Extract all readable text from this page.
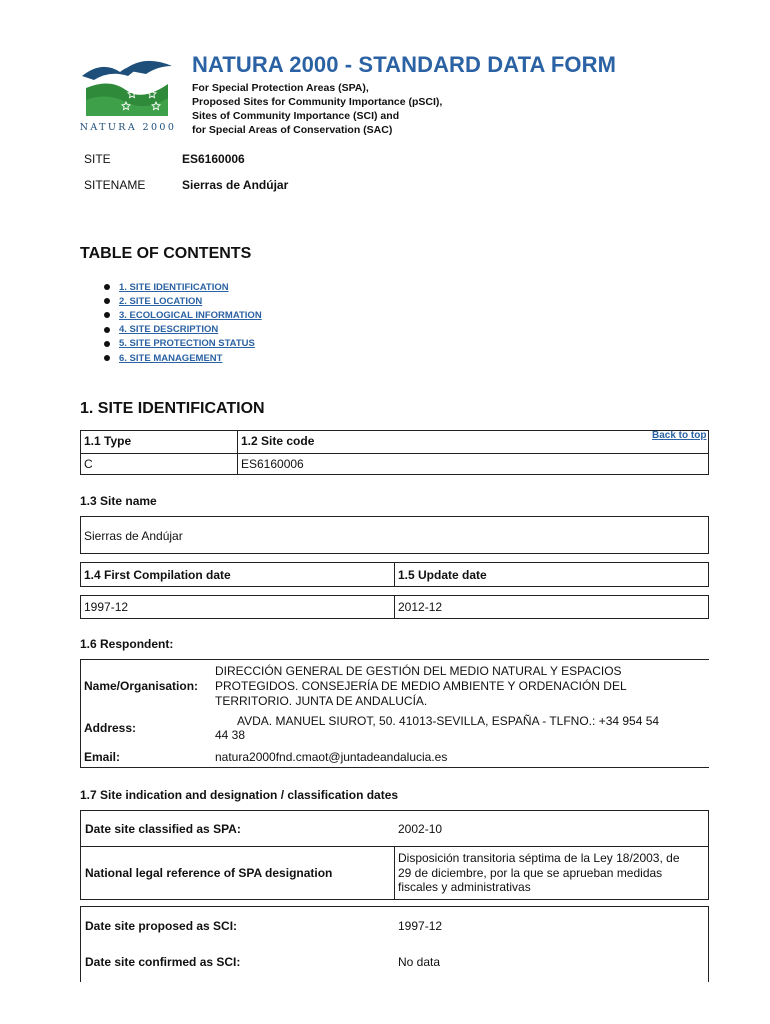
NATURA 2000
NATURA 2000 - STANDARD DATA FORM
For Special Protection Areas (SPA),
Proposed Sites for Community Importance (pSCI),
Sites of Community Importance (SCI) and
for Special Areas of Conservation (SAC)
SITE	ES6160006
SITENAME	Sierras de Andújar
TABLE OF CONTENTS
1. SITE IDENTIFICATION
2. SITE LOCATION
3. ECOLOGICAL INFORMATION
4. SITE DESCRIPTION
5. SITE PROTECTION STATUS
6. SITE MANAGEMENT
1. SITE IDENTIFICATION
1.1 Type	1.2 Site code
C	ES6160006
Back to top
1.3 Site name
Sierras de Andújar
1.4 First Compilation date	1.5 Update date
1997-12	2012-12
1.6 Respondent:
Name/Organisation:
DIRECCIÓN GENERAL DE GESTIÓN DEL MEDIO NATURAL Y ESPACIOS
PROTEGIDOS. CONSEJERÍA DE MEDIO AMBIENTE Y ORDENACIÓN DEL
TERRITORIO. JUNTA DE ANDALUCÍA.
Address:	AVDA. MANUEL SIUROT, 50. 41013-SEVILLA, ESPAÑA - TLFNO.: +34 954 54
44 38
Email:	natura2000fnd.cmaot@juntadeandalucia.es
1.7 Site indication and designation / classification dates
Date site classified as SPA:	2002-10
National legal reference of SPA designation
Disposición transitoria séptima de la Ley 18/2003, de
29 de diciembre, por la que se aprueban medidas
fiscales y administrativas
Date site proposed as SCI:	1997-12
Date site confirmed as SCI:	No data
